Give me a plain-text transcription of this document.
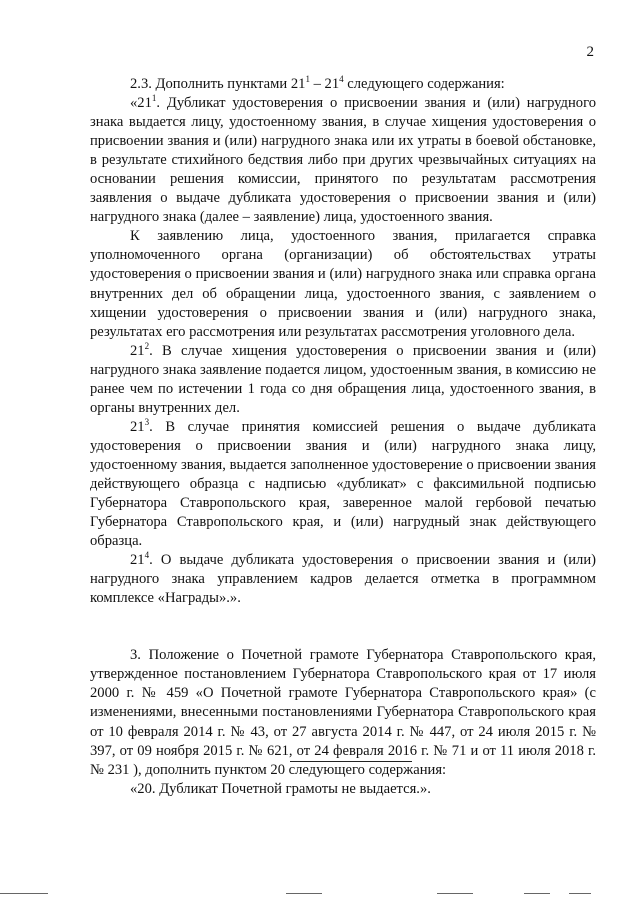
2

2.3. Дополнить пунктами $21^1 - 21^4$ следующего содержания:

«$21^1$. Дубликат удостоверения о присвоении звания и (или) нагрудного знака выдается лицу, удостоенному звания, в случае хищения удостоверения о присвоении звания и (или) нагрудного знака или их утраты в боевой обстановке, в результате стихийного бедствия либо при других чрезвычайных ситуациях на основании решения комиссии, принятого по результатам рассмотрения заявления о выдаче дубликата удостоверения о присвоении звания и (или) нагрудного знака (далее – заявление) лица, удостоенного звания.

К заявлению лица, удостоенного звания, прилагается справка уполномоченного органа (организации) об обстоятельствах утраты удостоверения о присвоении звания и (или) нагрудного знака или справка органа внутренних дел об обращении лица, удостоенного звания, с заявлением о хищении удостоверения о присвоении звания и (или) нагрудного знака, результатах его рассмотрения или результатах рассмотрения уголовного дела.

$21^2$. В случае хищения удостоверения о присвоении звания и (или) нагрудного знака заявление подается лицом, удостоенным звания, в комиссию не ранее чем по истечении 1 года со дня обращения лица, удостоенного звания, в органы внутренних дел.

$21^3$. В случае принятия комиссией решения о выдаче дубликата удостоверения о присвоении звания и (или) нагрудного знака лицу, удостоенному звания, выдается заполненное удостоверение о присвоении звания действующего образца с надписью «дубликат» с факсимильной подписью Губернатора Ставропольского края, заверенное малой гербовой печатью Губернатора Ставропольского края, и (или) нагрудный знак действующего образца.

$21^4$. О выдаче дубликата удостоверения о присвоении звания и (или) нагрудного знака управлением кадров делается отметка в программном комплексе «Награды».».

3. Положение о Почетной грамоте Губернатора Ставропольского края, утвержденное постановлением Губернатора Ставропольского края от 17 июля 2000 г. № 459 «О Почетной грамоте Губернатора Ставропольского края» (с изменениями, внесенными постановлениями Губернатора Ставропольского края от 10 февраля 2014 г. № 43, от 27 августа 2014 г. № 447, от 24 июля 2015 г. № 397, от 09 ноября 2015 г. № 621, от 24 февраля 2016 г. № 71 и от 11 июля 2018 г. № 231 ), дополнить пунктом 20 следующего содержания:

«20. Дубликат Почетной грамоты не выдается.».
